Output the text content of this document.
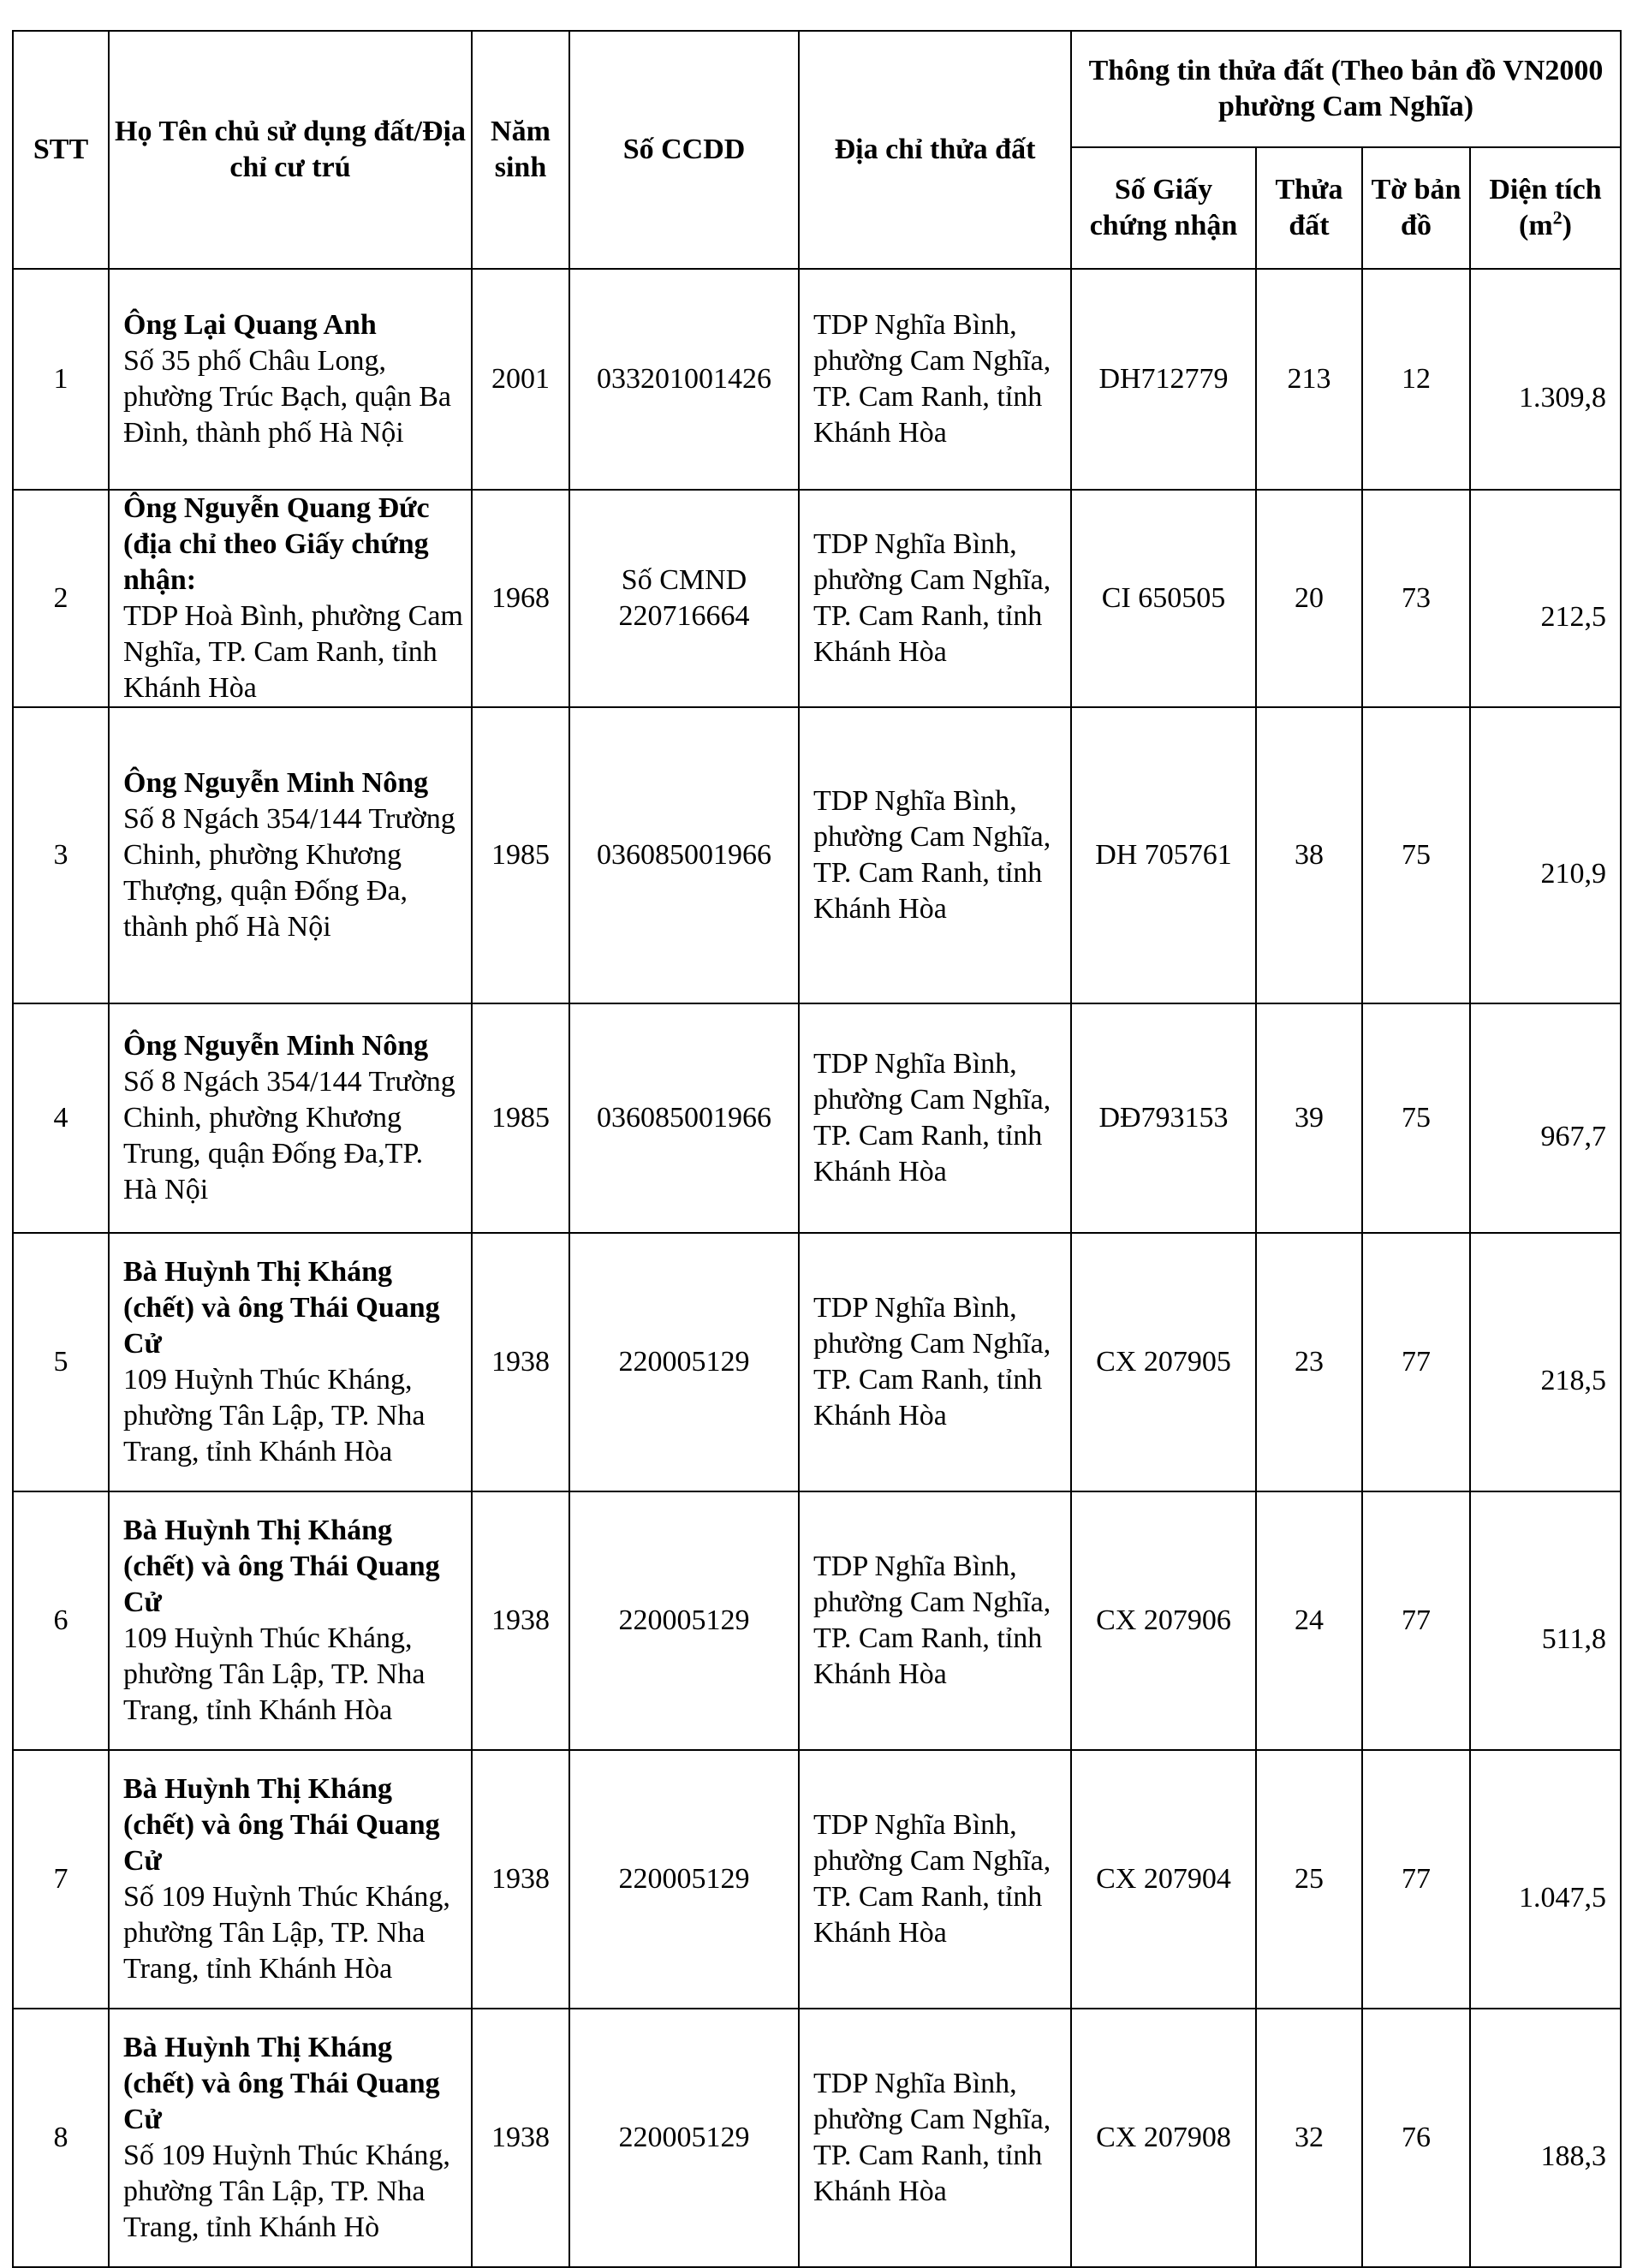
STT	Họ Tên chủ sử dụng đất/Địa chỉ cư trú	Năm sinh	Số CCDD	Địa chỉ thửa đất	Thông tin thửa đất (Theo bản đồ VN2000 phường Cam Nghĩa)			
					Số Giấy chứng nhận	Thửa đất	Tờ bản đồ	Diện tích $(m^2)$
1	Ông Lại Quang Anh
Số 35 phố Châu Long, phường Trúc Bạch, quận Ba Đình, thành phố Hà Nội	2001	033201001426	TDP Nghĩa Bình, phường Cam Nghĩa, TP. Cam Ranh, tỉnh Khánh Hòa	DH712779	213	12	1.309,8
2	Ông Nguyễn Quang Đức (địa chỉ theo Giấy chứng nhận:
TDP Hoà Bình, phường Cam Nghĩa, TP. Cam Ranh, tỉnh Khánh Hòa	1968	Số CMND 220716664	TDP Nghĩa Bình, phường Cam Nghĩa, TP. Cam Ranh, tỉnh Khánh Hòa	CI 650505	20	73	212,5
3	Ông Nguyễn Minh Nông
Số 8 Ngách 354/144 Trường Chinh, phường Khương Thượng, quận Đống Đa, thành phố Hà Nội	1985	036085001966	TDP Nghĩa Bình, phường Cam Nghĩa, TP. Cam Ranh, tỉnh Khánh Hòa	DH 705761	38	75	210,9
4	Ông Nguyễn Minh Nông
Số 8 Ngách 354/144 Trường Chinh, phường Khương Trung, quận Đống Đa,TP. Hà Nội	1985	036085001966	TDP Nghĩa Bình, phường Cam Nghĩa, TP. Cam Ranh, tỉnh Khánh Hòa	DĐ793153	39	75	967,7
5	Bà Huỳnh Thị Kháng (chết) và ông Thái Quang Cử
109 Huỳnh Thúc Kháng, phường Tân Lập, TP. Nha Trang, tỉnh Khánh Hòa	1938	220005129	TDP Nghĩa Bình, phường Cam Nghĩa, TP. Cam Ranh, tỉnh Khánh Hòa	CX 207905	23	77	218,5
6	Bà Huỳnh Thị Kháng (chết) và ông Thái Quang Cử
109 Huỳnh Thúc Kháng, phường Tân Lập, TP. Nha Trang, tỉnh Khánh Hòa	1938	220005129	TDP Nghĩa Bình, phường Cam Nghĩa, TP. Cam Ranh, tỉnh Khánh Hòa	CX 207906	24	77	511,8
7	Bà Huỳnh Thị Kháng (chết) và ông Thái Quang Cử
Số 109 Huỳnh Thúc Kháng, phường Tân Lập, TP. Nha Trang, tỉnh Khánh Hòa	1938	220005129	TDP Nghĩa Bình, phường Cam Nghĩa, TP. Cam Ranh, tỉnh Khánh Hòa	CX 207904	25	77	1.047,5
8	Bà Huỳnh Thị Kháng (chết) và ông Thái Quang Cử
Số 109 Huỳnh Thúc Kháng, phường Tân Lập, TP. Nha Trang, tỉnh Khánh Hò	1938	220005129	TDP Nghĩa Bình, phường Cam Nghĩa, TP. Cam Ranh, tỉnh Khánh Hòa	CX 207908	32	76	188,3
